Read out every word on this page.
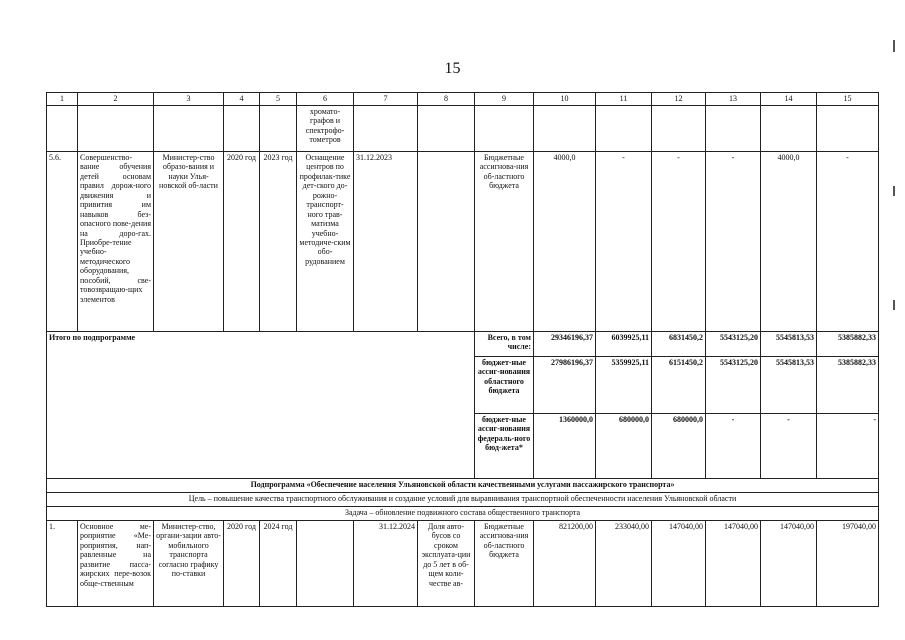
15
1	2	3	4	5	6	7	8	9	10	11	12	13	14	15
					хромато-графов и спектрофо-тометров									
5.6.	Совершенство-вание обучения детей основам правил дорож-ного движения и привития им навыков без-опасного пове-дения на доро-гах. Приобре-тение учебно-методического оборудования, пособий, све-товозвращаю-щих элементов	Министер-ство образо-вания и науки Улья-новской об-ласти	2020 год	2023 год	Оснащение центров по профилак-тике дет-ского до-рожно-транспорт-ного трав-матизма учебно-методиче-ским обо-рудованием	31.12.2023		Бюджетные ассигнова-ния об-ластного бюджета	4000,0	-	-	-	4000,0	-
Итого по подпрограмме								Всего, в том числе:	29346196,37	6039925,11	6831450,2	5543125,20	5545813,53	5385882,33
								бюджет-ные ассиг-нования областного бюджета	27986196,37	5359925,11	6151450,2	5543125,20	5545813,53	5385882,33
								бюджет-ные ассиг-нования федераль-ного бюд-жета*	1360000,0	680000,0	680000,0	-	-	-
Подпрограмма «Обеспечение населения Ульяновской области качественными услугами пассажирского транспорта»														
Цель – повышение качества транспортного обслуживания и создание условий для выравнивания транспортной обеспеченности населения Ульяновской области														
Задача – обновление подвижного состава общественного транспорта														
1.	Основное ме-роприятие «Ме-роприятия, нап-равленные на развитие пасса-жирских пере-возок обще-ственным	Министер-ство, органи-зации авто-мобильного транспорта согласно графику по-ставки	2020 год	2024 год		31.12.2024	Доля авто-бусов со сроком эксплуата-ции до 5 лет в об-щем коли-честве ав-	Бюджетные ассигнова-ния об-ластного бюджета	821200,00	233040,00	147040,00	147040,00	147040,00	197040,00
